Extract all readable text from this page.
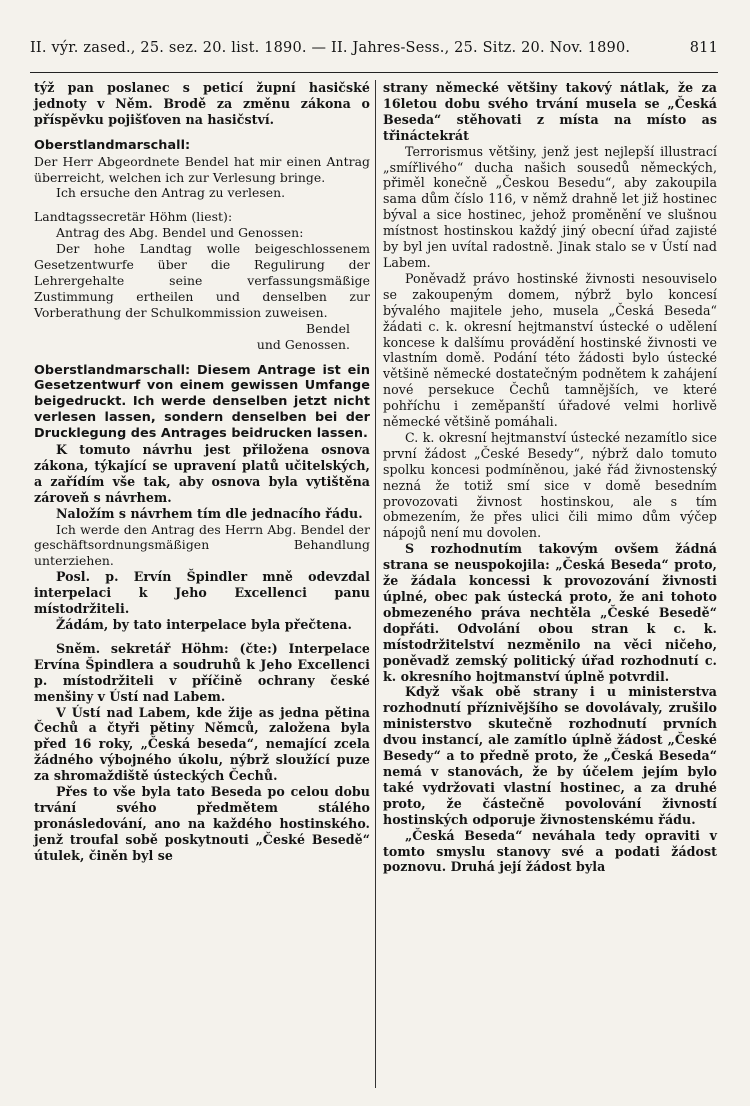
II. výr. zased., 25. sez. 20. list. 1890. — II. Jahres-Sess., 25. Sitz. 20. Nov. 1890.	811

týž pan poslanec s peticí župní hasičské jednoty v Něm. Brodě za změnu zákona o příspěvku pojišťoven na hasičství.

Oberstlandmarschall:

Der Herr Abgeordnete Bendel hat mir einen Antrag überreicht, welchen ich zur Verlesung bringe.

Ich ersuche den Antrag zu verlesen.

Landtagssecretär Höhm (liest):

Antrag des Abg. Bendel und Genossen:

Der hohe Landtag wolle beigeschlossenem Gesetzentwurfe über die Regulirung der Lehrergehalte seine verfassungsmäßige Zustimmung ertheilen und denselben zur Vorberathung der Schulkommission zuweisen.

Bendel

und Genossen.

Oberstlandmarschall: Diesem Antrage ist ein Gesetzentwurf von einem gewissen Umfange beigedruckt. Ich werde denselben jetzt nicht verlesen lassen, sondern denselben bei der Drucklegung des Antrages beidrucken lassen.

K tomuto návrhu jest přiložena osnova zákona, týkající se upravení platů učitelských, a zařídím vše tak, aby osnova byla vytištěna zároveň s návrhem.

Naložím s návrhem tím dle jednacího řádu.

Ich werde den Antrag des Herrn Abg. Bendel der geschäftsordnungsmäßigen Behandlung unterziehen.

Posl. p. Ervín Špindler mně odevzdal interpelaci k Jeho Excellenci panu místodržiteli.

Žádám, by tato interpelace byla přečtena.

Sněm. sekretář Höhm: (čte:) Interpelace Ervína Špindlera a soudruhů k Jeho Excellenci p. místodržiteli v příčině ochrany české menšiny v Ústí nad Labem.

V Ústí nad Labem, kde žije as jedna pětina Čechů a čtyři pětiny Němců, založena byla před 16 roky, „Česká beseda“, nemající zcela žádného výbojného úkolu, nýbrž sloužící puze za shromaždiště ústeckých Čechů.

Přes to vše byla tato Beseda po celou dobu trvání svého předmětem stálého pronásledování, ano na každého hostinského. jenž troufal sobě poskytnouti „České Besedě“ útulek, činěn byl se

strany německé většiny takový nátlak, že za 16letou dobu svého trvání musela se „Česká Beseda“ stěhovati z místa na místo as třináctekrát

Terrorismus většiny, jenž jest nejlepší illustrací „smířlivého“ ducha našich sousedů německých, přiměl konečně „Českou Besedu“, aby zakoupila sama dům číslo 116, v němž drahně let již hostinec býval a sice hostinec, jehož proměnění ve slušnou místnost hostinskou každý jiný obecní úřad zajisté by byl jen uvítal radostně. Jinak stalo se v Ústí nad Labem.

Poněvadž právo hostinské živnosti nesouviselo se zakoupeným domem, nýbrž bylo koncesí bývalého majitele jeho, musela „Česká Beseda“ žádati c. k. okresní hejtmanství ústecké o udělení koncese k dalšímu provádění hostinské živnosti ve vlastním domě. Podání této žádosti bylo ústecké většině německé dostatečným podnětem k zahájení nové persekuce Čechů tamnějších, ve které pohříchu i zeměpanští úřadové velmi horlivě německé většině pomáhali.

C. k. okresní hejtmanství ústecké nezamítlo sice první žádost „České Besedy“, nýbrž dalo tomuto spolku koncesi podmíněnou, jaké řád živnostenský nezná že totiž smí sice v domě besedním provozovati živnost hostinskou, ale s tím obmezením, že přes ulici čili mimo dům výčep nápojů není mu dovolen.

S rozhodnutím takovým ovšem žádná strana se neuspokojila: „Česká Beseda“ proto, že žádala koncessi k provozování živnosti úplné, obec pak ústecká proto, že ani tohoto obmezeného práva nechtěla „České Besedě“ dopřáti. Odvolání obou stran k c. k. místodržitelství nezměnilo na věci ničeho, poněvadž zemský politický úřad rozhodnutí c. k. okresního hojtmanství úplně potvrdil.

Když však obě strany i u ministerstva rozhodnutí příznivějšího se dovolávaly, zrušilo ministerstvo skutečně rozhodnutí prvních dvou instancí, ale zamítlo úplně žádost „České Besedy“ a to předně proto, že „Česká Beseda“ nemá v stanovách, že by účelem jejím bylo také vydržovati vlastní hostinec, a za druhé proto, že částečně povolování živností hostinských odporuje živnostenskému řádu.

„Česká Beseda“ neváhala tedy opraviti v tomto smyslu stanovy své a podati žádost poznovu. Druhá její žádost byla
